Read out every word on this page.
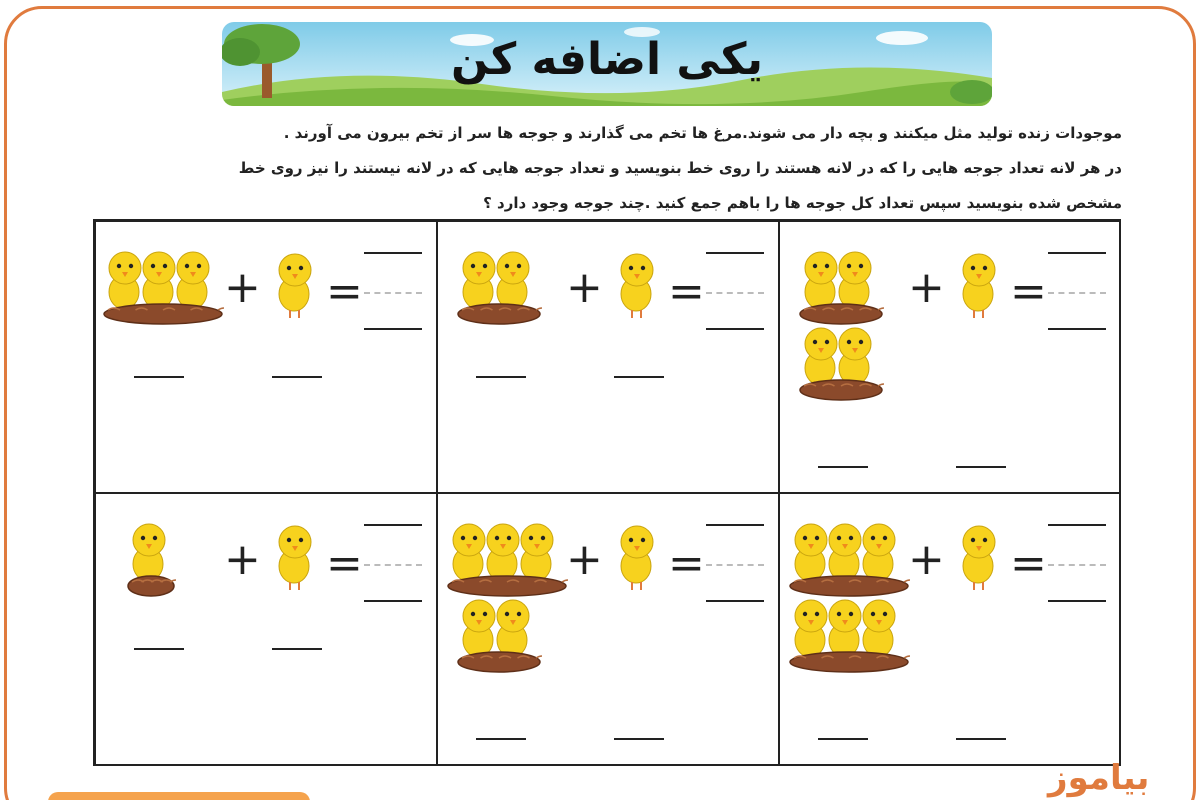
یکی اضافه کن
موجودات زنده تولید مثل میکنند و بچه دار می شوند.مرغ ها تخم می گذارند و جوجه ها سر از تخم بیرون می آورند .
در هر لانه تعداد جوجه هایی را که در لانه هستند را روی خط بنویسید و تعداد جوجه هایی که در لانه نیستند را نیز روی خط
مشخص شده بنویسید سپس تعداد کل جوجه ها را باهم جمع کنید .چند جوجه وجود دارد ؟
+ =	+ =	+ =
+ =	+ =	+ =
بیاموز
